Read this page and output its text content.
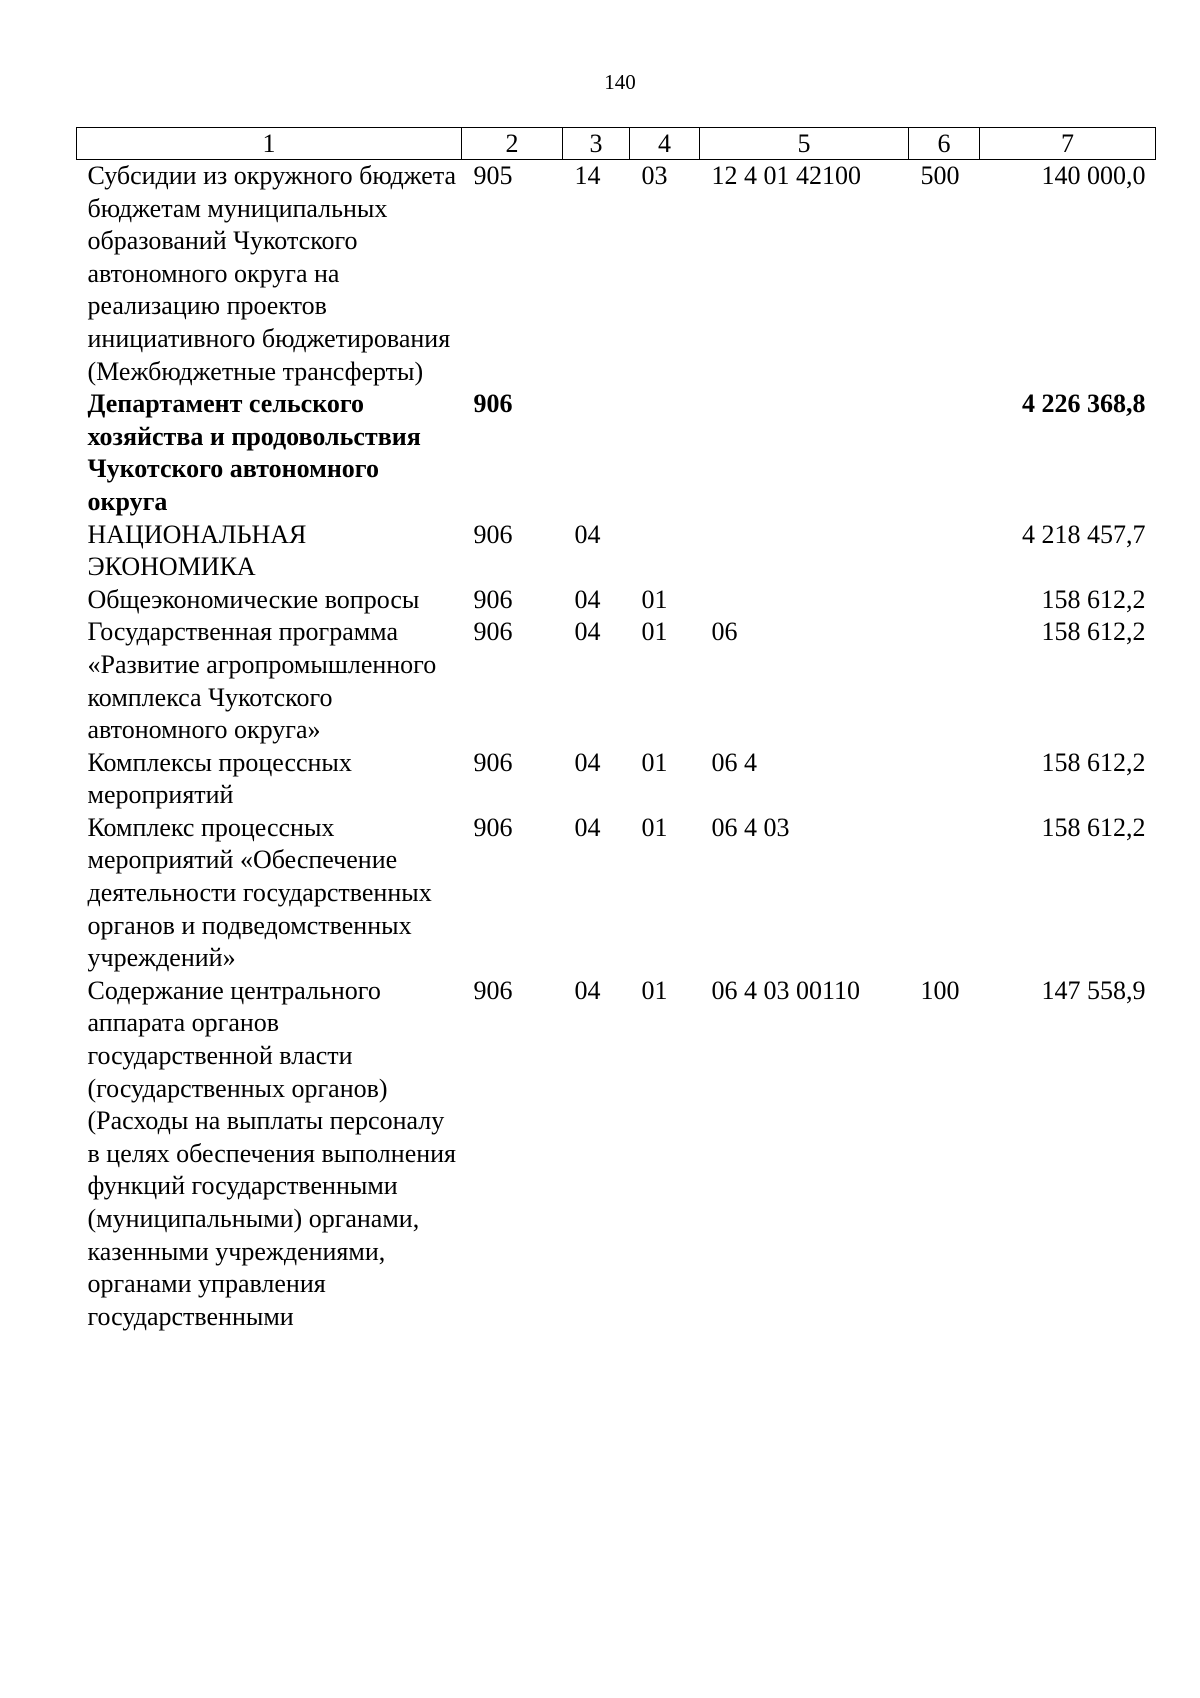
140
1	2	3	4	5	6	7
Субсидии из окружного бюджета бюджетам муниципальных образований Чукотского автономного округа на реализацию проектов инициативного бюджетирования (Межбюджетные трансферты)	905	14	03	12 4 01 42100	500	140 000,0
Департамент сельского хозяйства и продовольствия Чукотского автономного округа	906					4 226 368,8
НАЦИОНАЛЬНАЯ ЭКОНОМИКА	906	04				4 218 457,7
Общеэкономические вопросы	906	04	01			158 612,2
Государственная программа «Развитие агропромышленного комплекса Чукотского автономного округа»	906	04	01	06		158 612,2
Комплексы процессных мероприятий	906	04	01	06 4		158 612,2
Комплекс процессных мероприятий «Обеспечение деятельности государственных органов и подведомственных учреждений»	906	04	01	06 4 03		158 612,2
Содержание центрального аппарата органов государственной власти (государственных органов) (Расходы на выплаты персоналу в целях обеспечения выполнения функций государственными (муниципальными) органами, казенными учреждениями, органами управления государственными	906	04	01	06 4 03 00110	100	147 558,9
